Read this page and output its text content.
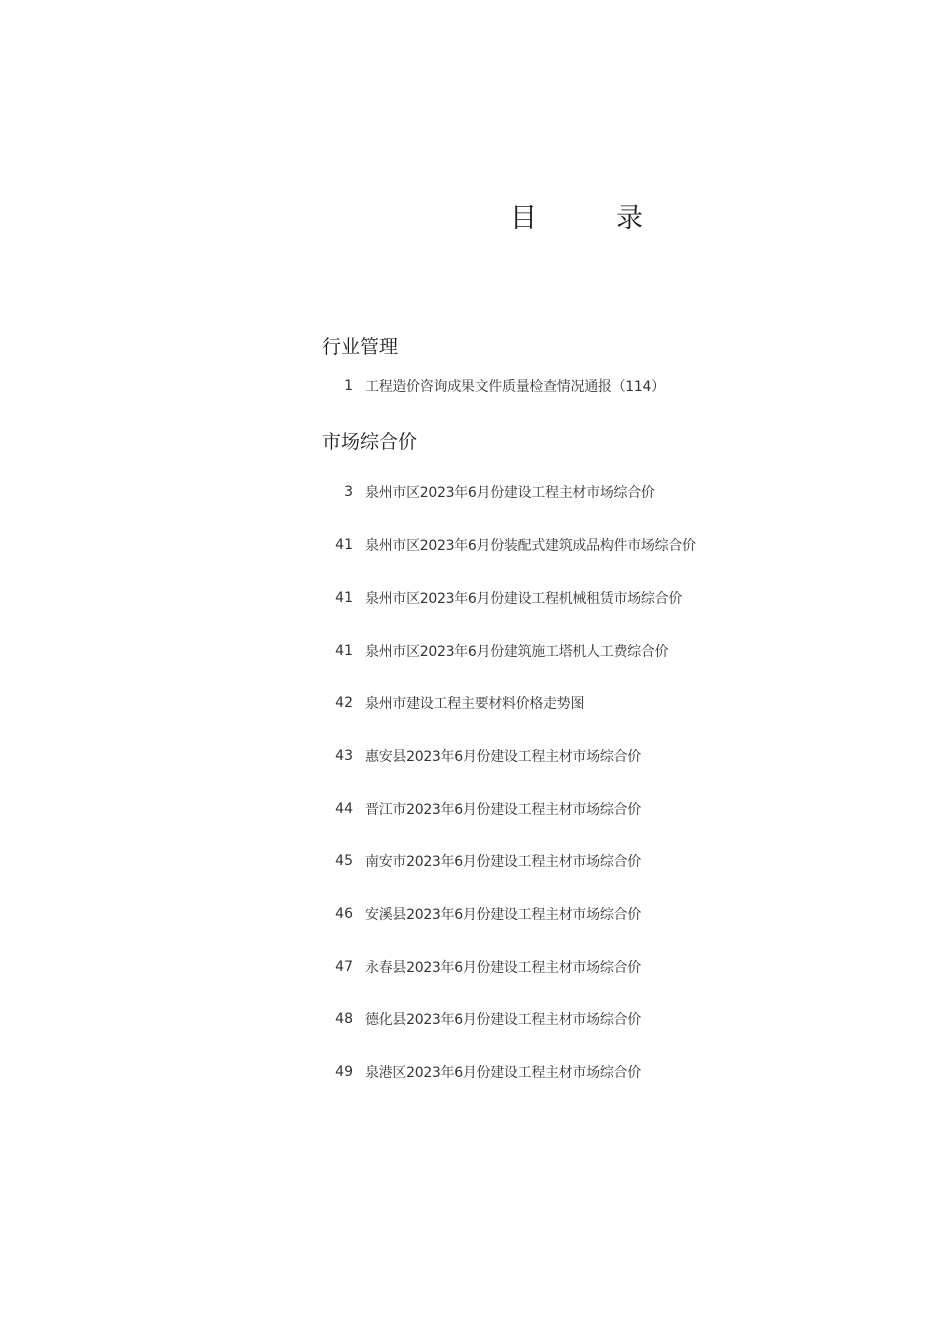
目　录
行业管理
1 工程造价咨询成果文件质量检查情况通报（114）
市场综合价
3 泉州市区2023年6月份建设工程主材市场综合价
41 泉州市区2023年6月份装配式建筑成品构件市场综合价
41 泉州市区2023年6月份建设工程机械租赁市场综合价
41 泉州市区2023年6月份建筑施工塔机人工费综合价
42 泉州市建设工程主要材料价格走势图
43 惠安县2023年6月份建设工程主材市场综合价
44 晋江市2023年6月份建设工程主材市场综合价
45 南安市2023年6月份建设工程主材市场综合价
46 安溪县2023年6月份建设工程主材市场综合价
47 永春县2023年6月份建设工程主材市场综合价
48 德化县2023年6月份建设工程主材市场综合价
49 泉港区2023年6月份建设工程主材市场综合价
